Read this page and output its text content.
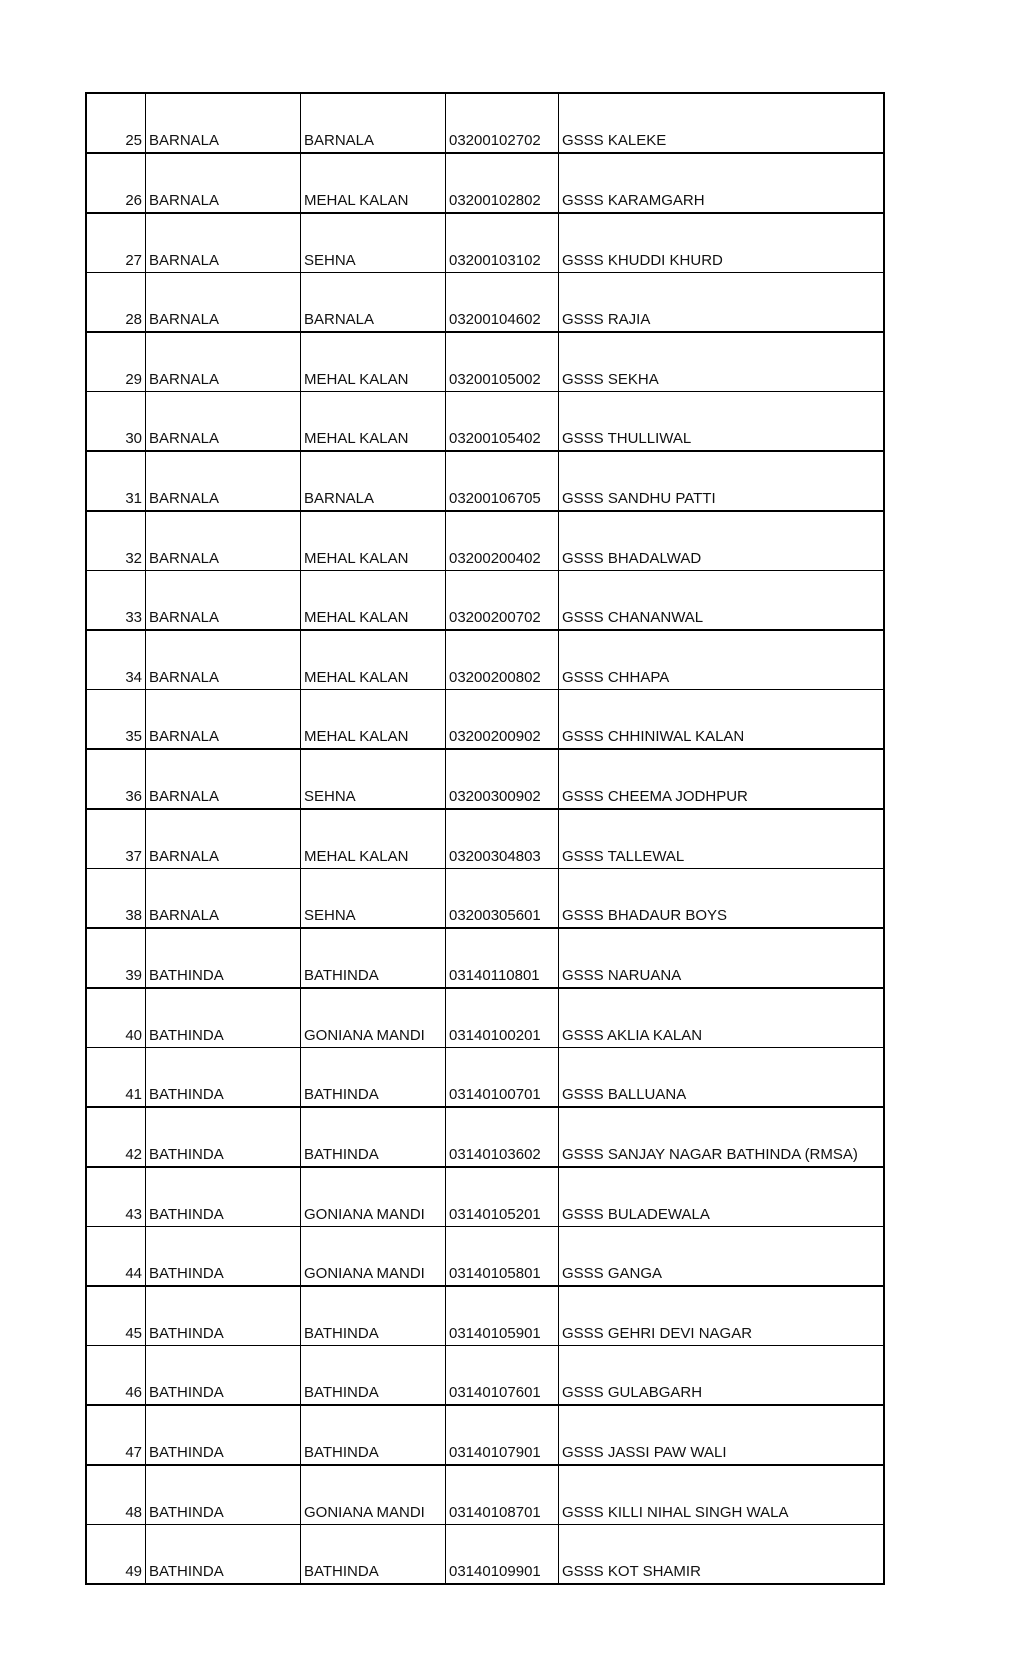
25	BARNALA	BARNALA	03200102702	GSSS KALEKE
26	BARNALA	MEHAL KALAN	03200102802	GSSS KARAMGARH
27	BARNALA	SEHNA	03200103102	GSSS KHUDDI KHURD
28	BARNALA	BARNALA	03200104602	GSSS RAJIA
29	BARNALA	MEHAL KALAN	03200105002	GSSS SEKHA
30	BARNALA	MEHAL KALAN	03200105402	GSSS THULLIWAL
31	BARNALA	BARNALA	03200106705	GSSS SANDHU PATTI
32	BARNALA	MEHAL KALAN	03200200402	GSSS BHADALWAD
33	BARNALA	MEHAL KALAN	03200200702	GSSS CHANANWAL
34	BARNALA	MEHAL KALAN	03200200802	GSSS CHHAPA
35	BARNALA	MEHAL KALAN	03200200902	GSSS CHHINIWAL KALAN
36	BARNALA	SEHNA	03200300902	GSSS CHEEMA JODHPUR
37	BARNALA	MEHAL KALAN	03200304803	GSSS TALLEWAL
38	BARNALA	SEHNA	03200305601	GSSS BHADAUR BOYS
39	BATHINDA	BATHINDA	03140110801	GSSS NARUANA
40	BATHINDA	GONIANA MANDI	03140100201	GSSS AKLIA KALAN
41	BATHINDA	BATHINDA	03140100701	GSSS BALLUANA
42	BATHINDA	BATHINDA	03140103602	GSSS SANJAY NAGAR BATHINDA (RMSA)
43	BATHINDA	GONIANA MANDI	03140105201	GSSS BULADEWALA
44	BATHINDA	GONIANA MANDI	03140105801	GSSS GANGA
45	BATHINDA	BATHINDA	03140105901	GSSS GEHRI DEVI NAGAR
46	BATHINDA	BATHINDA	03140107601	GSSS GULABGARH
47	BATHINDA	BATHINDA	03140107901	GSSS JASSI PAW WALI
48	BATHINDA	GONIANA MANDI	03140108701	GSSS KILLI NIHAL SINGH WALA
49	BATHINDA	BATHINDA	03140109901	GSSS KOT SHAMIR
